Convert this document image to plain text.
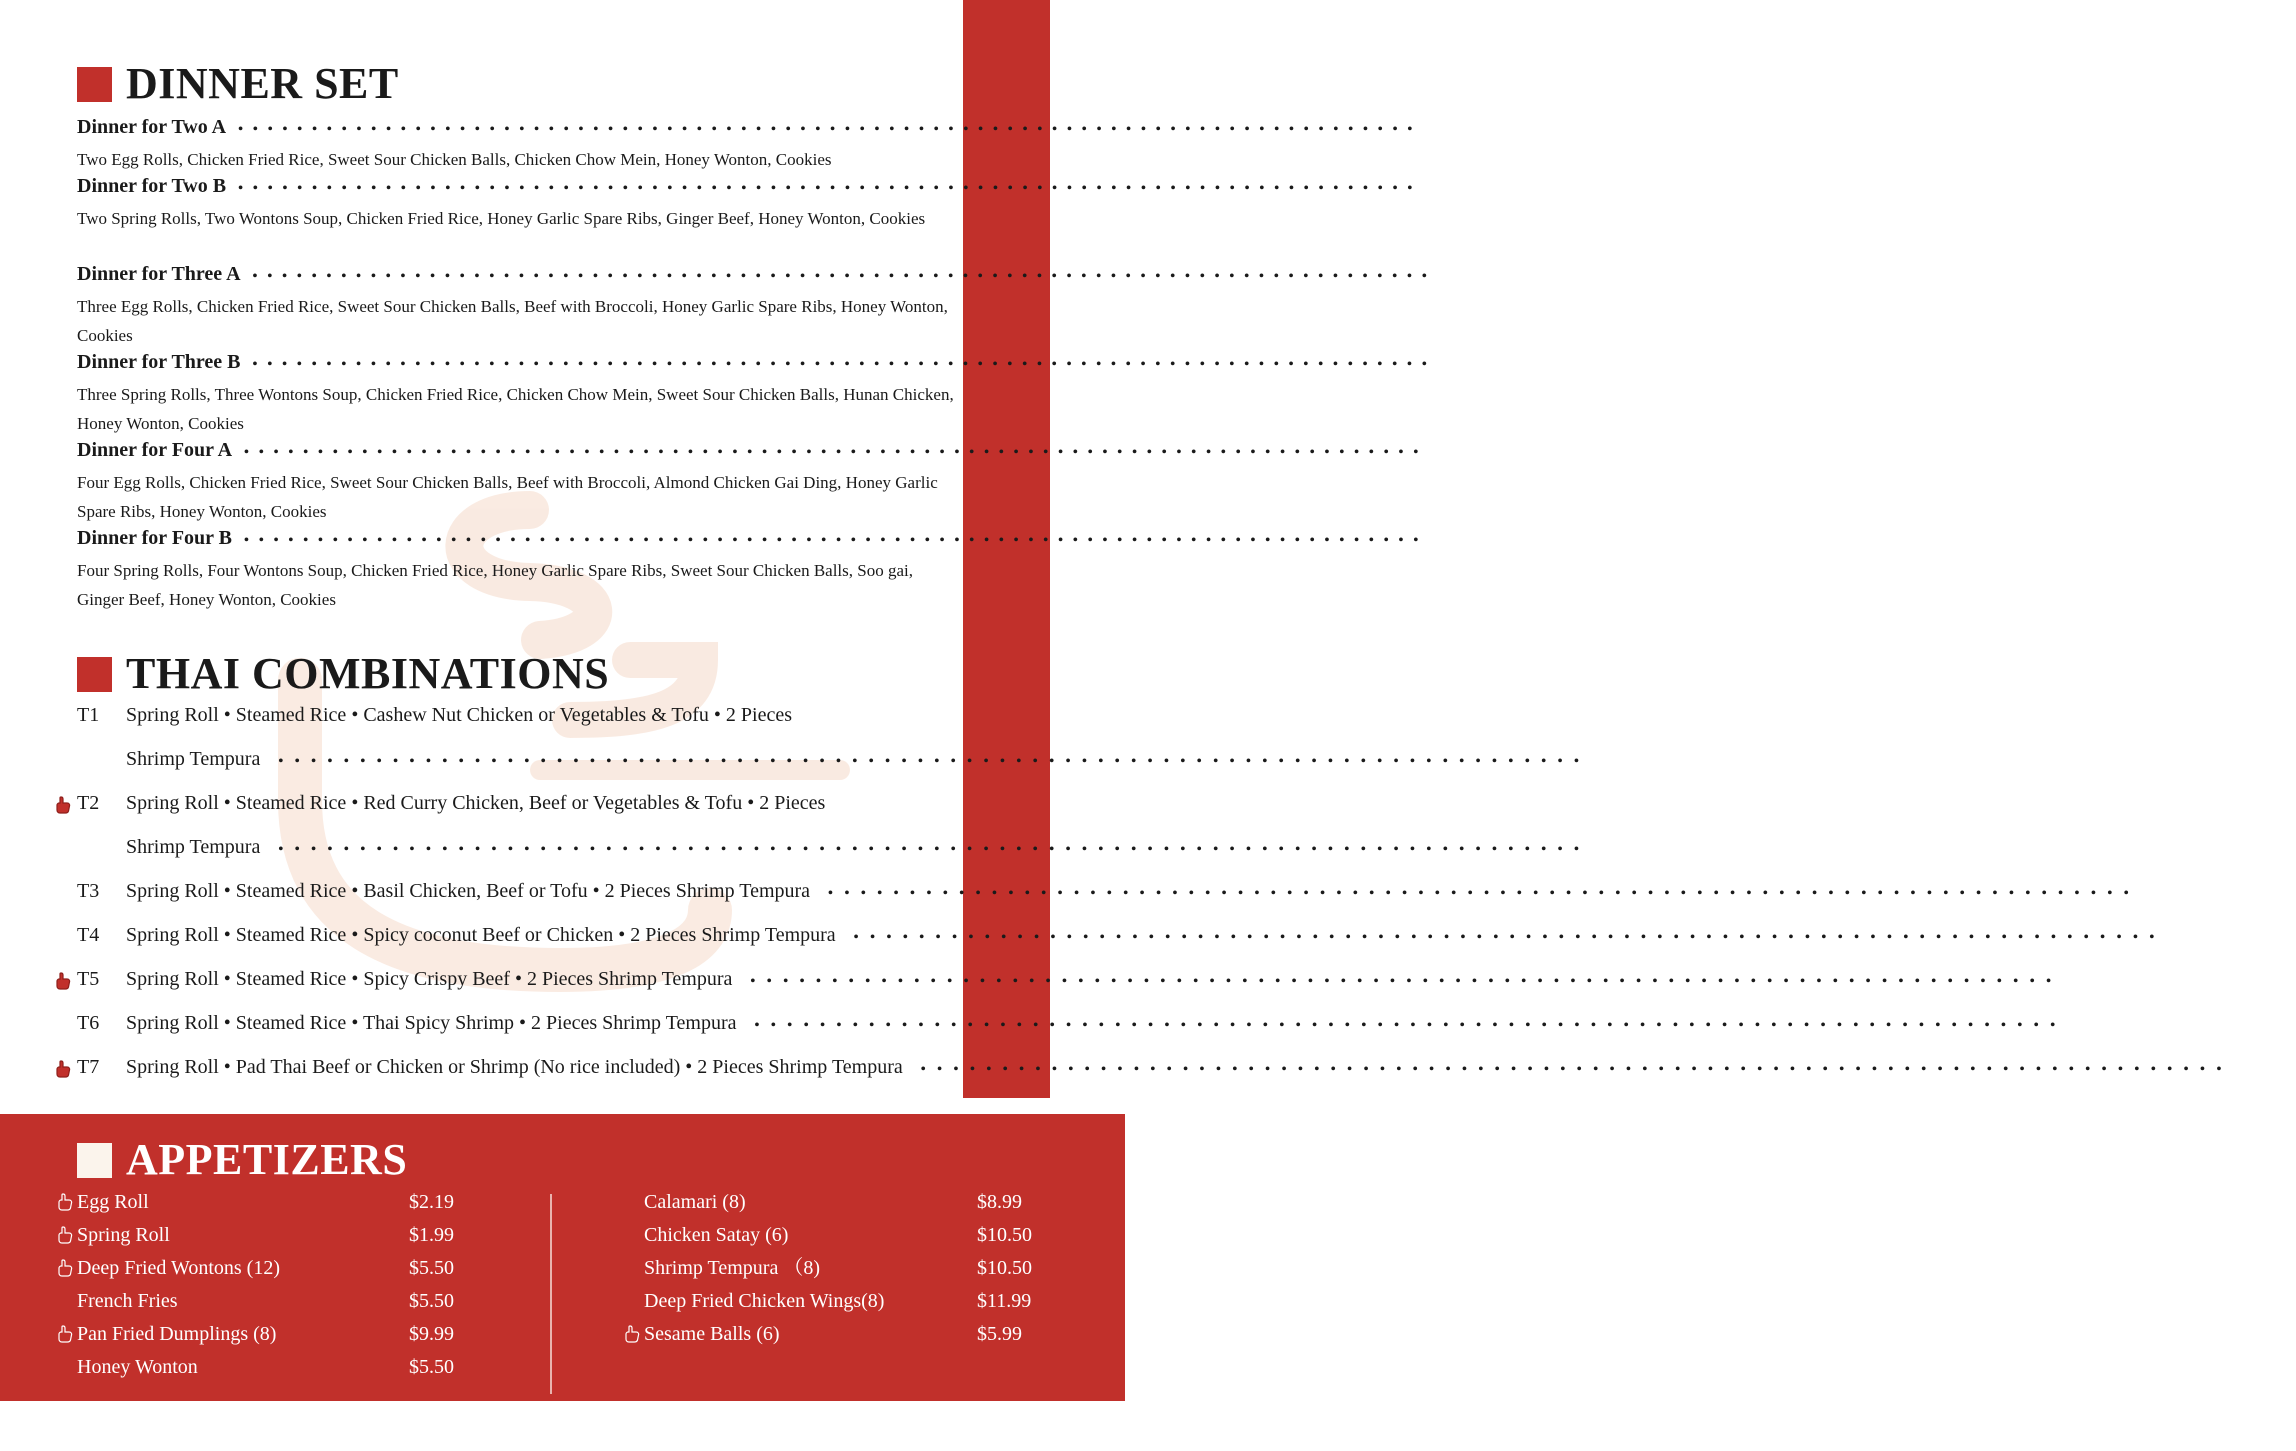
DINNER SET
Dinner for Two A • • • • • • • • • • • • • • • • • • • • • • • • • • • • • • • • • • • • • • • • • • • • • • • • • • • • • • • • • • • • • • • • • • • • • • • • • • • • • • • • $29.95
Two Egg Rolls, Chicken Fried Rice, Sweet Sour Chicken Balls, Chicken Chow Mein, Honey Wonton, Cookies
Dinner for Two B • • • • • • • • • • • • • • • • • • • • • • • • • • • • • • • • • • • • • • • • • • • • • • • • • • • • • • • • • • • • • • • • • • • • • • • • • • • • • • • • $39.95
Two Spring Rolls, Two Wontons Soup, Chicken Fried Rice, Honey Garlic Spare Ribs, Ginger Beef, Honey Wonton, Cookies
Dinner for Three A • • • • • • • • • • • • • • • • • • • • • • • • • • • • • • • • • • • • • • • • • • • • • • • • • • • • • • • • • • • • • • • • • • • • • • • • • • • • • • • • $39.95
Three Egg Rolls, Chicken Fried Rice, Sweet Sour Chicken Balls, Beef with Broccoli, Honey Garlic Spare Ribs, Honey Wonton, Cookies
Dinner for Three B • • • • • • • • • • • • • • • • • • • • • • • • • • • • • • • • • • • • • • • • • • • • • • • • • • • • • • • • • • • • • • • • • • • • • • • • • • • • • • • • $51.95
Three Spring Rolls, Three Wontons Soup, Chicken Fried Rice, Chicken Chow Mein, Sweet Sour Chicken Balls, Hunan Chicken, Honey Wonton, Cookies
Dinner for Four A • • • • • • • • • • • • • • • • • • • • • • • • • • • • • • • • • • • • • • • • • • • • • • • • • • • • • • • • • • • • • • • • • • • • • • • • • • • • • • • • $51.95
Four Egg Rolls, Chicken Fried Rice, Sweet Sour Chicken Balls, Beef with Broccoli, Almond Chicken Gai Ding, Honey Garlic Spare Ribs, Honey Wonton, Cookies
Dinner for Four B • • • • • • • • • • • • • • • • • • • • • • • • • • • • • • • • • • • • • • • • • • • • • • • • • • • • • • • • • • • • • • • • • • • • • • • • • • • • • • • • $64.95
Four Spring Rolls, Four Wontons Soup, Chicken Fried Rice, Honey Garlic Spare Ribs, Sweet Sour Chicken Balls, Soo gai, Ginger Beef, Honey Wonton, Cookies
THAI COMBINATIONS
T1 Spring Roll • Steamed Rice • Cashew Nut Chicken or Vegetables & Tofu • 2 Pieces
Shrimp Tempura • • • • • • • • • • • • • • • • • • • • • • • • • • • • • • • • • • • • • • • • • • • • • • • • • • • • • • • • • • • • • • • • • • • • • • • • • • • • • • • • $15.99
T2 Spring Roll • Steamed Rice • Red Curry Chicken, Beef or Vegetables & Tofu • 2 Pieces
Shrimp Tempura • • • • • • • • • • • • • • • • • • • • • • • • • • • • • • • • • • • • • • • • • • • • • • • • • • • • • • • • • • • • • • • • • • • • • • • • • • • • • • • • $15.99
T3 Spring Roll • Steamed Rice • Basil Chicken, Beef or Tofu • 2 Pieces Shrimp Tempura • • • • • • • • • • • • • • • • • • • • • • • • • • • • • • • • • • • • • • • • • • • • • • • • • • • • • • • • • • • • • • • • • • • • • • • • • • • • • • • • $15.99
T4 Spring Roll • Steamed Rice • Spicy coconut Beef or Chicken • 2 Pieces Shrimp Tempura • • • • • • • • • • • • • • • • • • • • • • • • • • • • • • • • • • • • • • • • • • • • • • • • • • • • • • • • • • • • • • • • • • • • • • • • • • • • • • • • $15.99
T5 Spring Roll • Steamed Rice • Spicy Crispy Beef • 2 Pieces Shrimp Tempura • • • • • • • • • • • • • • • • • • • • • • • • • • • • • • • • • • • • • • • • • • • • • • • • • • • • • • • • • • • • • • • • • • • • • • • • • • • • • • • • $15.99
T6 Spring Roll • Steamed Rice • Thai Spicy Shrimp • 2 Pieces Shrimp Tempura • • • • • • • • • • • • • • • • • • • • • • • • • • • • • • • • • • • • • • • • • • • • • • • • • • • • • • • • • • • • • • • • • • • • • • • • • • • • • • • • $15.99
T7 Spring Roll • Pad Thai Beef or Chicken or Shrimp (No rice included) • 2 Pieces Shrimp Tempura • • • • • • • • • • • • • • • • • • • • • • • • • • • • • • • • • • • • • • • • • • • • • • • • • • • • • • • • • • • • • • • • • • • • • • • • • • • • • • • • $15.99
APPETIZERS
Egg Roll	$2.19
Spring Roll	$1.99
Deep Fried Wontons (12)	$5.50
French Fries	$5.50
Pan Fried Dumplings (8)	$9.99
Honey Wonton	$5.50
Calamari (8)	$8.99
Chicken Satay (6)	$10.50
Shrimp Tempura （8)	$10.50
Deep Fried Chicken Wings(8)	$11.99
Sesame Balls (6)	$5.99
